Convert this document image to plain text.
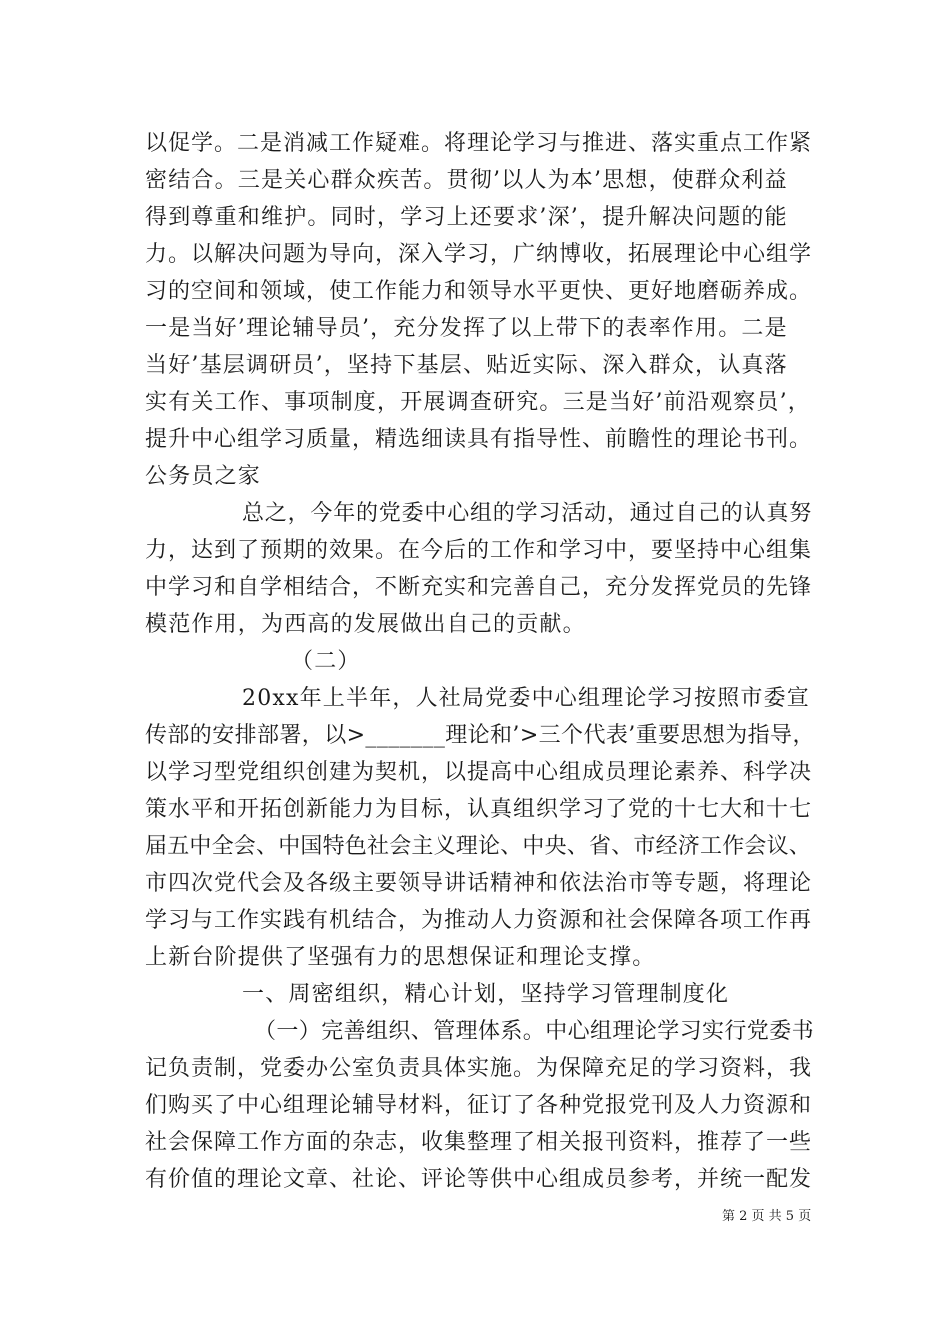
以促学。二是消减工作疑难。将理论学习与推进、落实重点工作紧
密结合。三是关心群众疾苦。贯彻’以人为本’思想，使群众利益
得到尊重和维护。同时，学习上还要求’深’，提升解决问题的能
力。以解决问题为导向，深入学习，广纳博收，拓展理论中心组学
习的空间和领域，使工作能力和领导水平更快、更好地磨砺养成。
一是当好’理论辅导员’，充分发挥了以上带下的表率作用。二是
当好’基层调研员’，坚持下基层、贴近实际、深入群众，认真落
实有关工作、事项制度，开展调查研究。三是当好’前沿观察员’，
提升中心组学习质量，精选细读具有指导性、前瞻性的理论书刊。
公务员之家
总之，今年的党委中心组的学习活动，通过自己的认真努
力，达到了预期的效果。在今后的工作和学习中，要坚持中心组集
中学习和自学相结合，不断充实和完善自己，充分发挥党员的先锋
模范作用，为西高的发展做出自己的贡献。
（二）
20xx年上半年，人社局党委中心组理论学习按照市委宣
传部的安排部署，以>_______理论和’>三个代表’重要思想为指导，
以学习型党组织创建为契机，以提高中心组成员理论素养、科学决
策水平和开拓创新能力为目标，认真组织学习了党的十七大和十七
届五中全会、中国特色社会主义理论、中央、省、市经济工作会议、
市四次党代会及各级主要领导讲话精神和依法治市等专题，将理论
学习与工作实践有机结合，为推动人力资源和社会保障各项工作再
上新台阶提供了坚强有力的思想保证和理论支撑。
一、周密组织，精心计划，坚持学习管理制度化
（一）完善组织、管理体系。中心组理论学习实行党委书
记负责制，党委办公室负责具体实施。为保障充足的学习资料，我
们购买了中心组理论辅导材料，征订了各种党报党刊及人力资源和
社会保障工作方面的杂志，收集整理了相关报刊资料，推荐了一些
有价值的理论文章、社论、评论等供中心组成员参考，并统一配发
第 2 页 共 5 页
